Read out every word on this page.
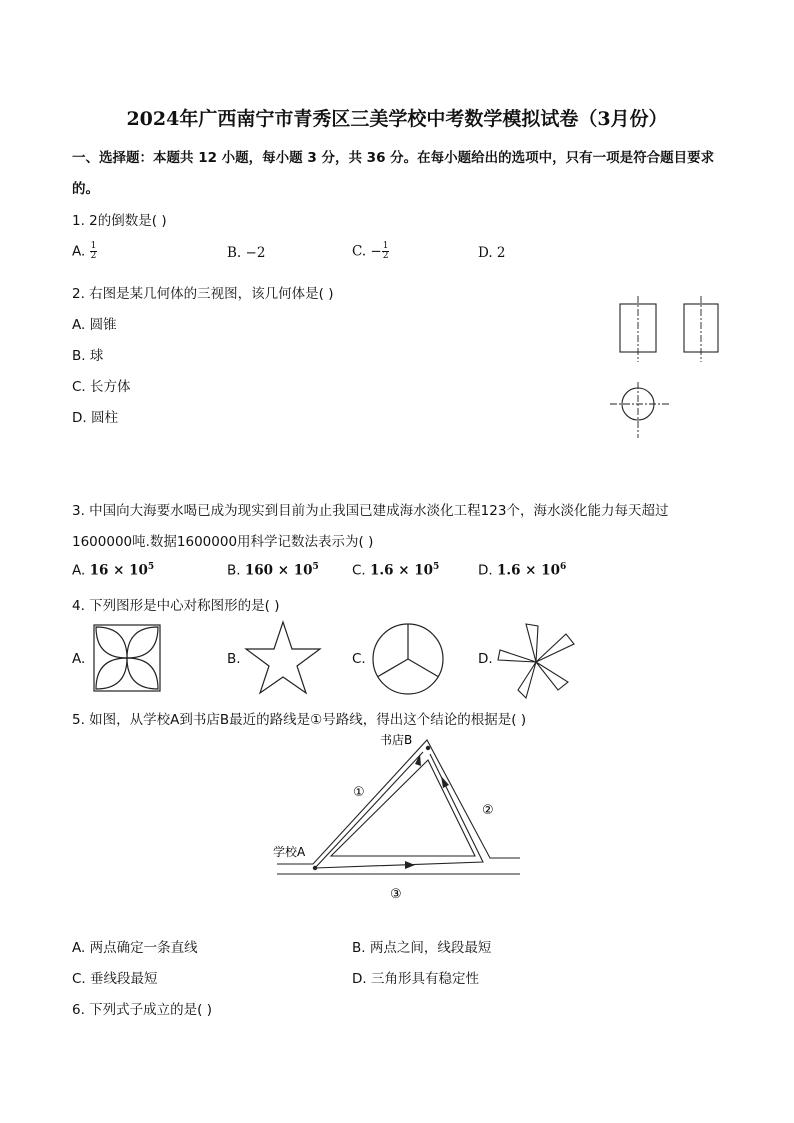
2024年广西南宁市青秀区三美学校中考数学模拟试卷（3月份）
一、选择题：本题共 12 小题，每小题 3 分，共 36 分。在每小题给出的选项中，只有一项是符合题目要求
的。
1. 2的倒数是( )
A. $\frac{1}{2}$	B. −2	C. − $\frac{1}{2}$	D. 2
2. 右图是某几何体的三视图，该几何体是( )
A. 圆锥
B. 球
C. 长方体
D. 圆柱
3. 中国向大海要水喝已成为现实到目前为止我国已建成海水淡化工程123个，海水淡化能力每天超过
1600000吨.数据1600000用科学记数法表示为( )
A. $16 \times 10^5$	B. $160 \times 10^5$ C. $1.6 \times 10^5$	D. $1.6 \times 10^6$
4. 下列图形是中心对称图形的是( )
A.	B.	C.	D.
5. 如图，从学校A到书店B最近的路线是①号路线，得出这个结论的根据是( )
书店B
学校A
①
②
③
A. 两点确定一条直线	B. 两点之间，线段最短
C. 垂线段最短	D. 三角形具有稳定性
6. 下列式子成立的是( )
